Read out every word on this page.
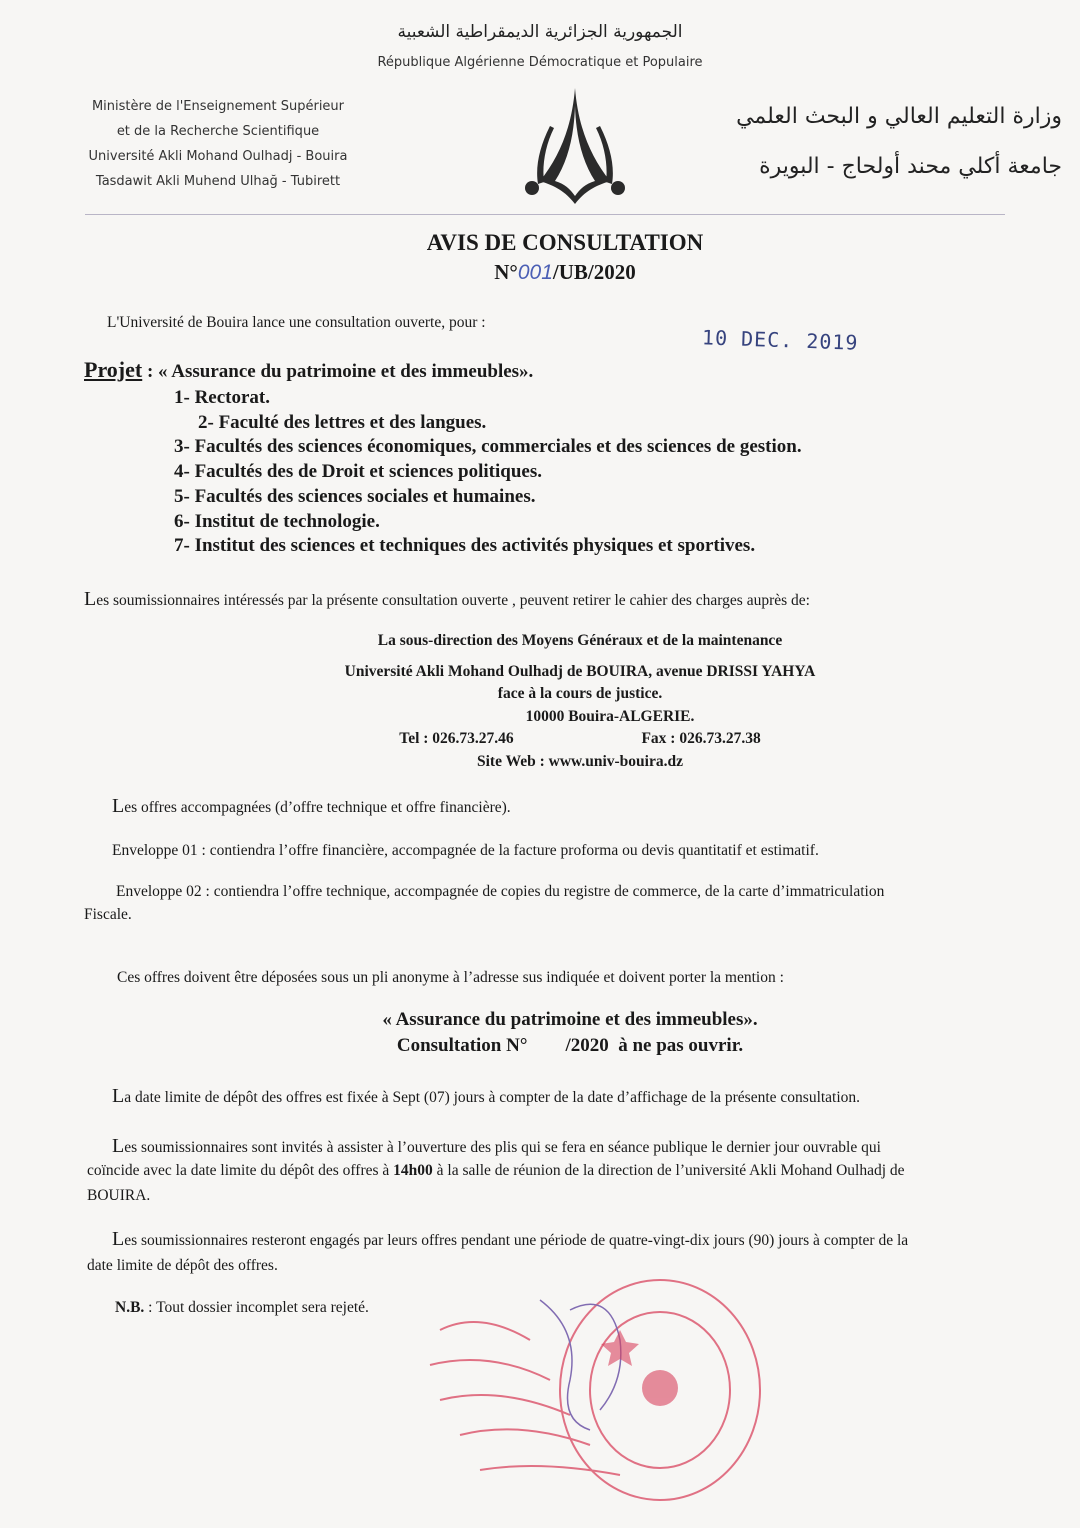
الجمهورية الجزائرية الديمقراطية الشعبية
République Algérienne Démocratique et Populaire
Ministère de l'Enseignement Supérieur
et de la Recherche Scientifique
Université Akli Mohand Oulhadj - Bouira
Tasdawit Akli Muhend Ulhağ - Tubirett
وزارة التعليم العالي و البحث العلمي
جامعة أكلي محند أولحاج - البويرة
AVIS DE CONSULTATION
N°001/UB/2020
10 DEC. 2019
L'Université de Bouira lance une consultation ouverte, pour :
Projet : « Assurance du patrimoine et des immeubles».
1- Rectorat.
2- Faculté des lettres et des langues.
3- Facultés des sciences économiques, commerciales et des sciences de gestion.
4- Facultés des de Droit et sciences politiques.
5- Facultés des sciences sociales et humaines.
6- Institut de technologie.
7- Institut des sciences et techniques des activités physiques et sportives.
Les soumissionnaires intéressés par la présente consultation ouverte , peuvent retirer le cahier des charges auprès de:
La sous-direction des Moyens Généraux et de la maintenance
Université Akli Mohand Oulhadj de BOUIRA, avenue DRISSI YAHYA
face à la cours de justice.
10000 Bouira-ALGERIE.
Tel : 026.73.27.46	Fax : 026.73.27.38
Site Web : www.univ-bouira.dz
Les offres accompagnées (d’offre technique et offre financière).
Enveloppe 01 : contiendra l’offre financière, accompagnée de la facture proforma ou devis quantitatif et estimatif.
Enveloppe 02 : contiendra l’offre technique, accompagnée de copies du registre de commerce, de la carte d’immatriculation
Fiscale.
Ces offres doivent être déposées sous un pli anonyme à l’adresse sus indiquée et doivent porter la mention :
« Assurance du patrimoine et des immeubles».
Consultation N°        /2020  à ne pas ouvrir.
La date limite de dépôt des offres est fixée à Sept (07) jours à compter de la date d’affichage de la présente consultation.
Les soumissionnaires sont invités à assister à l’ouverture des plis qui se fera en séance publique le dernier jour ouvrable qui
coïncide avec la date limite du dépôt des offres à 14h00 à la salle de réunion de la direction de l’université Akli Mohand Oulhadj de
BOUIRA.
Les soumissionnaires resteront engagés par leurs offres pendant une période de quatre-vingt-dix jours (90) jours à compter de la
date limite de dépôt des offres.
N.B. : Tout dossier incomplet sera rejeté.
